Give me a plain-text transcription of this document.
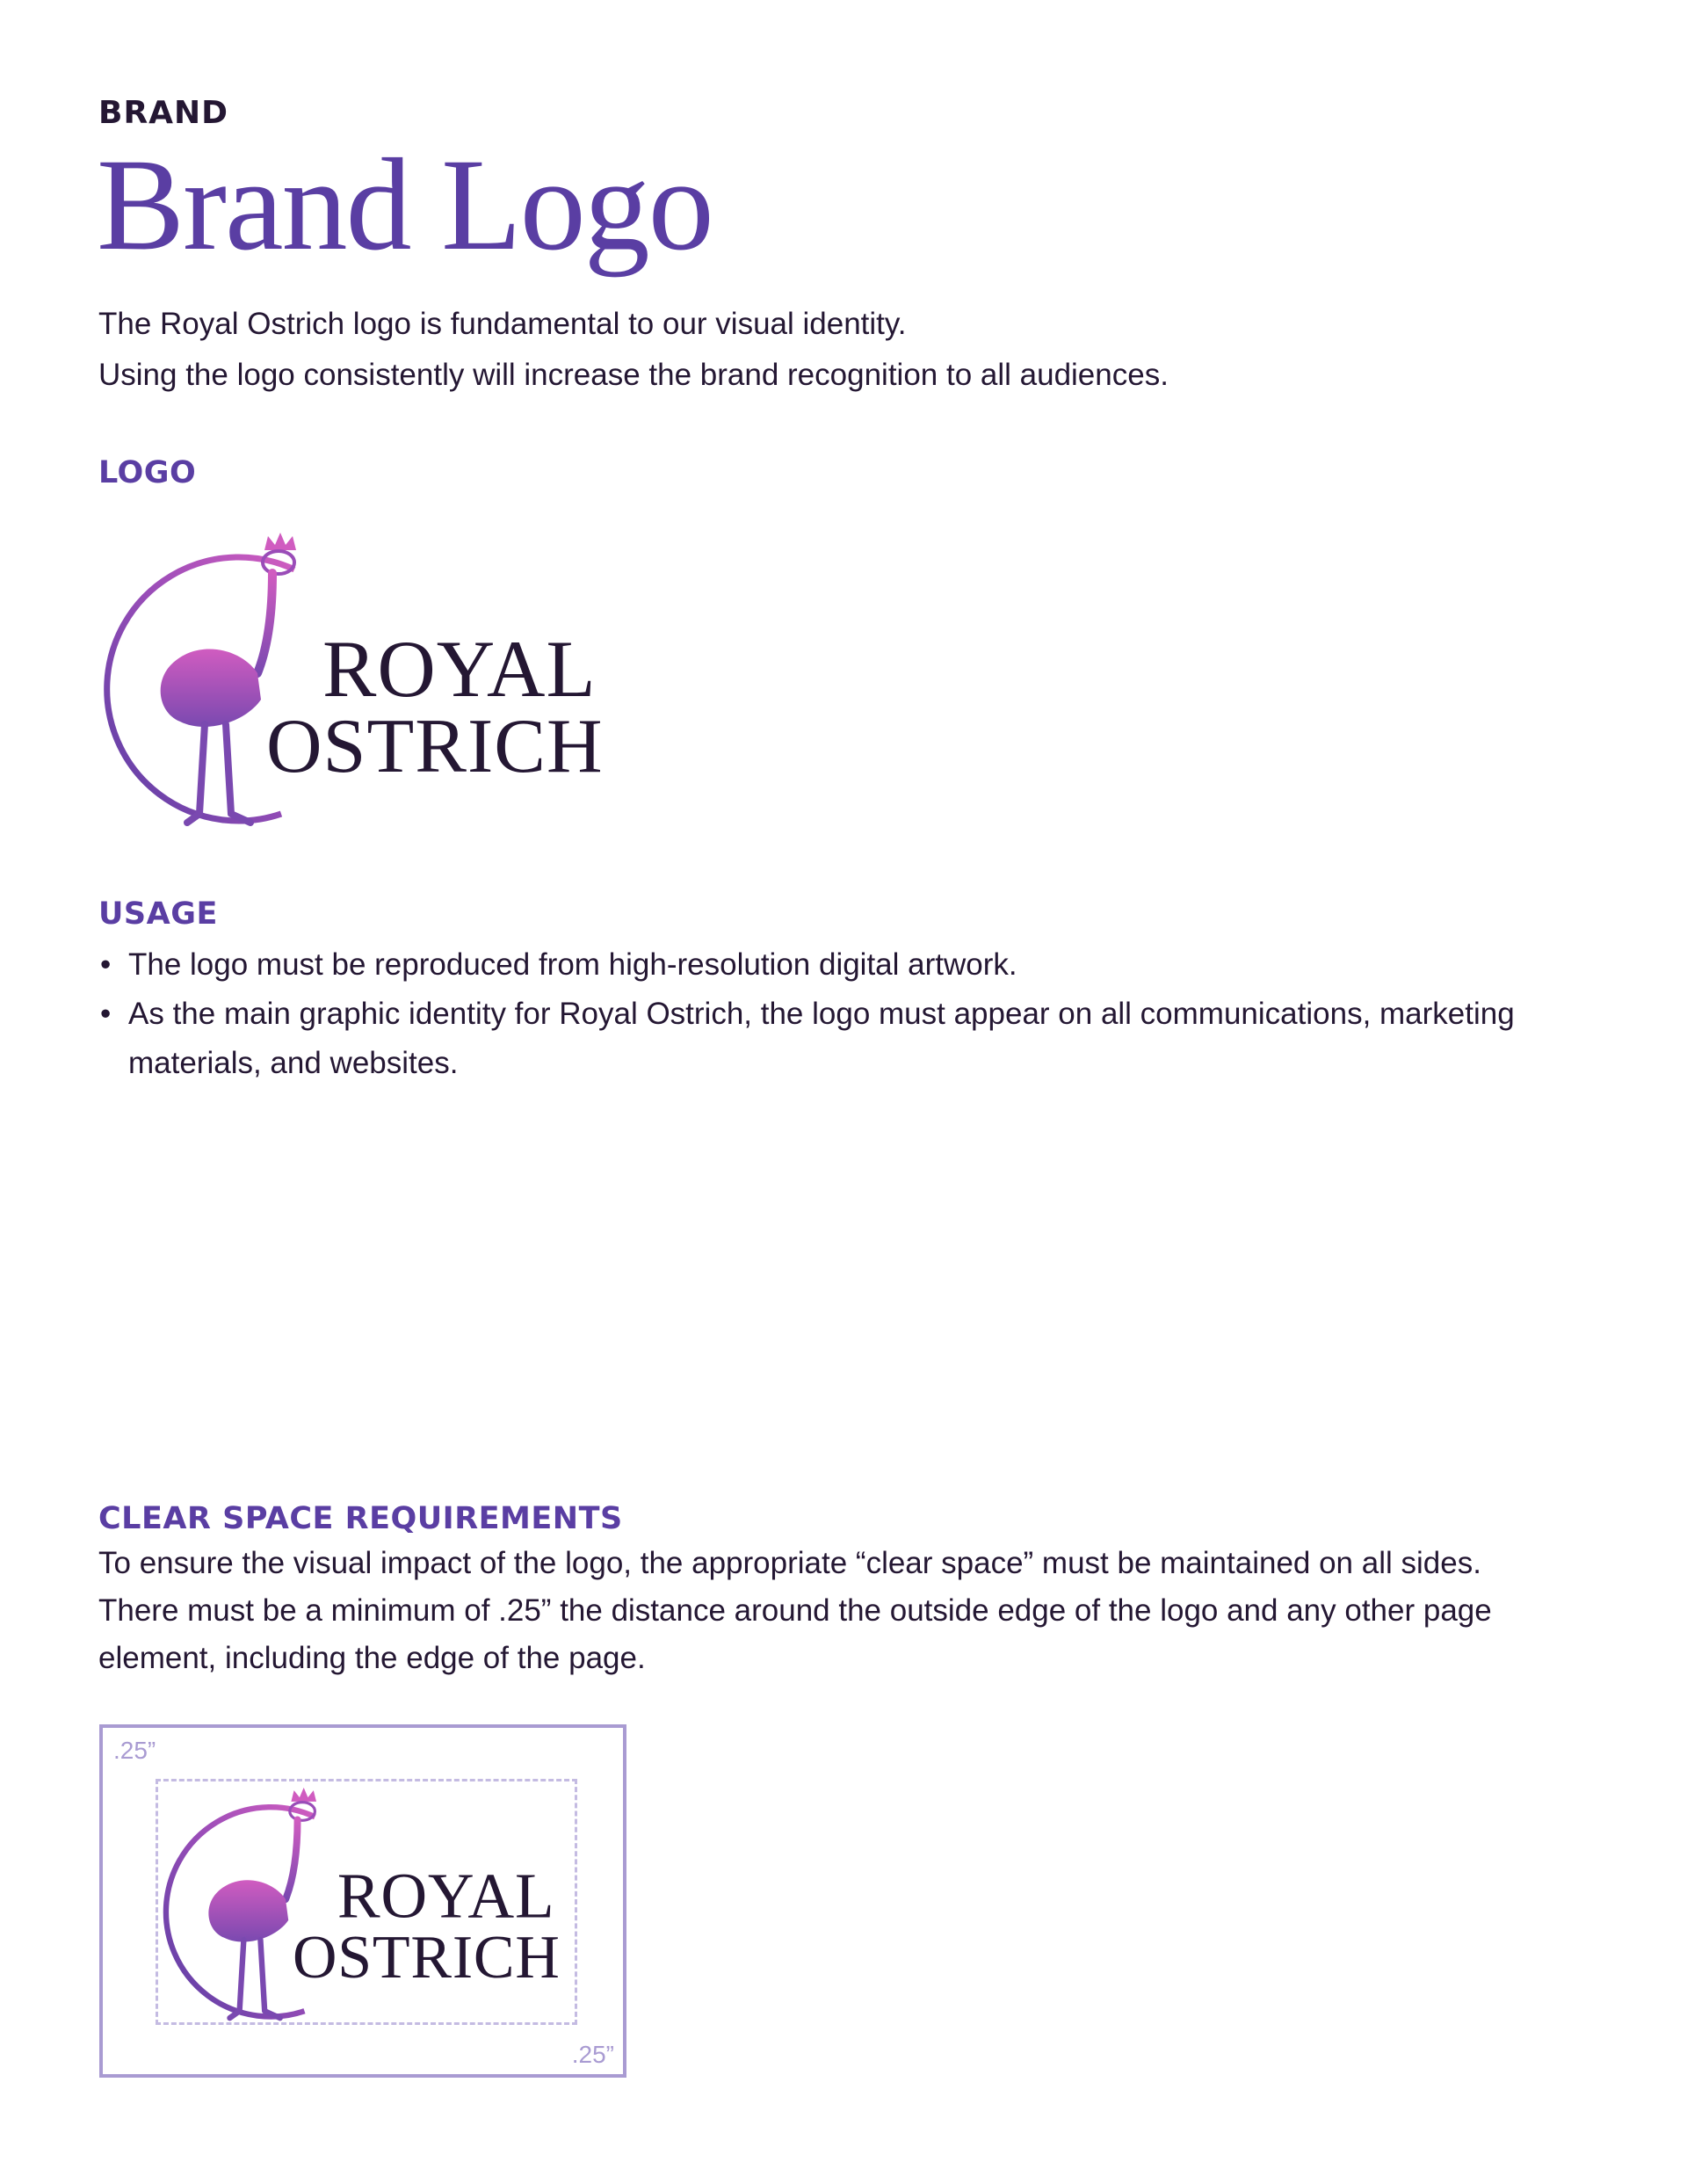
BRAND
Brand Logo

The Royal Ostrich logo is fundamental to our visual identity.

Using the logo consistently will increase the brand recognition to all audiences.

LOGO
ROYAL
OSTRICH
USAGE
• The logo must be reproduced from high-resolution digital artwork.
• As the main graphic identity for Royal Ostrich, the logo must appear on all communications, marketing materials, and websites.
CLEAR SPACE REQUIREMENTS

To ensure the visual impact of the logo, the appropriate “clear space” must be maintained on all sides.

There must be a minimum of .25” the distance around the outside edge of the logo and any other page element, including the edge of the page.

.25”
ROYAL
OSTRICH
.25”
